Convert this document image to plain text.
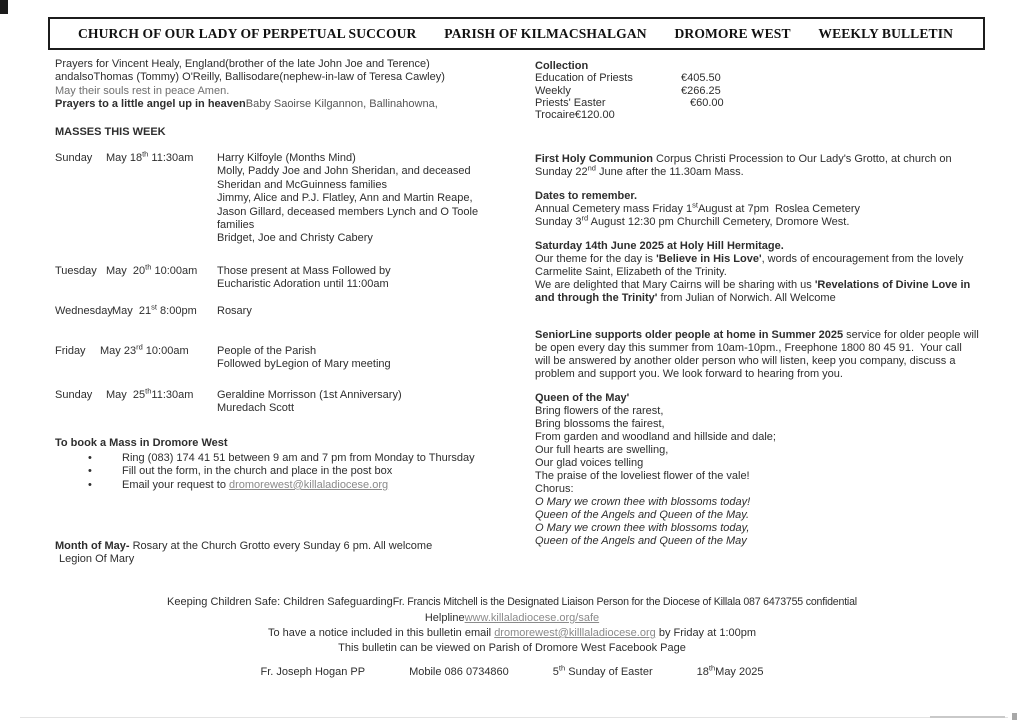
CHURCH OF OUR LADY OF PERPETUAL SUCCOUR PARISH OF KILMACSHALGAN DROMORE WEST WEEKLY BULLETIN
Prayers for Vincent Healy, England(brother of the late John Joe and Terence)
andalsoThomas (Tommy) O'Reilly, Ballisodare(nephew-in-law of Teresa Cawley)
May their souls rest in peace Amen.
Prayers to a little angel up in heavenBaby Saoirse Kilgannon, Ballinahowna,
MASSES THIS WEEK
Sunday May 18th 11:30am Harry Kilfoyle (Months Mind)
Molly, Paddy Joe and John Sheridan, and deceased
Sheridan and McGuinness families
Jimmy, Alice and P.J. Flatley, Ann and Martin Reape,
Jason Gillard, deceased members Lynch and O Toole
families
Bridget, Joe and Christy Cabery
Tuesday May  20th 10:00am Those present at Mass Followed by
Eucharistic Adoration until 11:00am
Wednesday May  21st 8:00pm Rosary
Friday May 23rd 10:00am	People of the Parish
Followed byLegion of Mary meeting
Sunday May  25th11:30am Geraldine Morrisson (1st Anniversary)
Muredach Scott
To book a Mass in Dromore West
•	Ring (083) 174 41 51 between 9 am and 7 pm from Monday to Thursday
•	Fill out the form, in the church and place in the post box
•	Email your request to dromorewest@killaladiocese.org
Month of May- Rosary at the Church Grotto every Sunday 6 pm. All welcome
Legion Of Mary
Collection
Education of Priests	€405.50
Weekly	€266.25
Priests' Easter	€60.00
Trocaire€120.00
First Holy Communion Corpus Christi Procession to Our Lady's Grotto, at church on
Sunday 22nd June after the 11.30am Mass.
Dates to remember.
Annual Cemetery mass Friday 1stAugust at 7pm  Roslea Cemetery
Sunday 3rd August 12:30 pm Churchill Cemetery, Dromore West.
Saturday 14th June 2025 at Holy Hill Hermitage.
Our theme for the day is 'Believe in His Love', words of encouragement from the lovely
Carmelite Saint, Elizabeth of the Trinity.
We are delighted that Mary Cairns will be sharing with us 'Revelations of Divine Love in
and through the Trinity' from Julian of Norwich. All Welcome
SeniorLine supports older people at home in Summer 2025 service for older people will
be open every day this summer from 10am-10pm., Freephone 1800 80 45 91.  Your call
will be answered by another older person who will listen, keep you company, discuss a
problem and support you. We look forward to hearing from you.
Queen of the May'
Bring flowers of the rarest,
Bring blossoms the fairest,
From garden and woodland and hillside and dale;
Our full hearts are swelling,
Our glad voices telling
The praise of the loveliest flower of the vale!
Chorus:
O Mary we crown thee with blossoms today!
Queen of the Angels and Queen of the May.
O Mary we crown thee with blossoms today,
Queen of the Angels and Queen of the May
Keeping Children Safe: Children SafeguardingFr. Francis Mitchell is the Designated Liaison Person for the Diocese of Killala 087 6473755 confidential
Helplinewww.killaladiocese.org/safe
To have a notice included in this bulletin email dromorewest@killlaladiocese.org by Friday at 1:00pm
This bulletin can be viewed on Parish of Dromore West Facebook Page
Fr. Joseph Hogan PP	Mobile 086 0734860	5th Sunday of Easter	18thMay 2025
